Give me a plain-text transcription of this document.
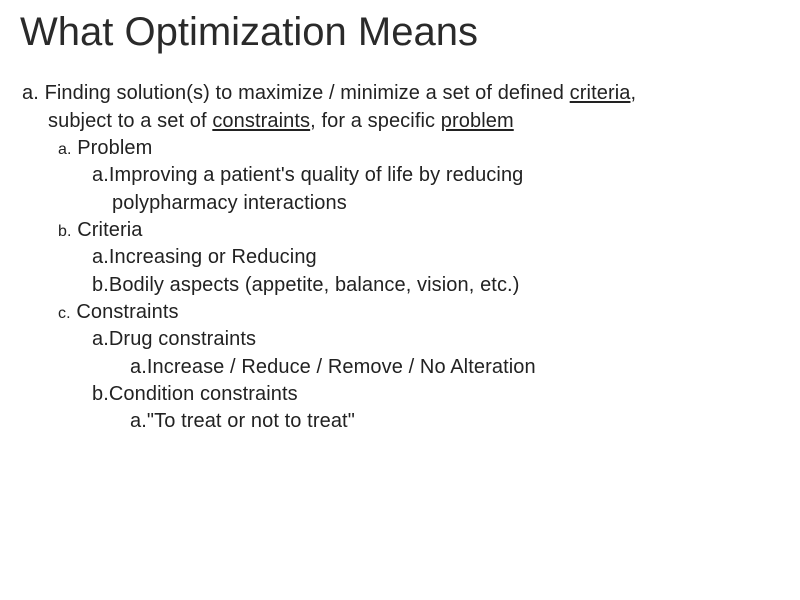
What Optimization Means
a. Finding solution(s) to maximize / minimize a set of defined criteria,
subject to a set of constraints, for a specific problem
a. Problem
a.Improving a patient's quality of life by reducing
polypharmacy interactions
b. Criteria
a.Increasing or Reducing
b.Bodily aspects (appetite, balance, vision, etc.)
c. Constraints
a.Drug constraints
a.Increase / Reduce / Remove / No Alteration
b.Condition constraints
a."To treat or not to treat"
